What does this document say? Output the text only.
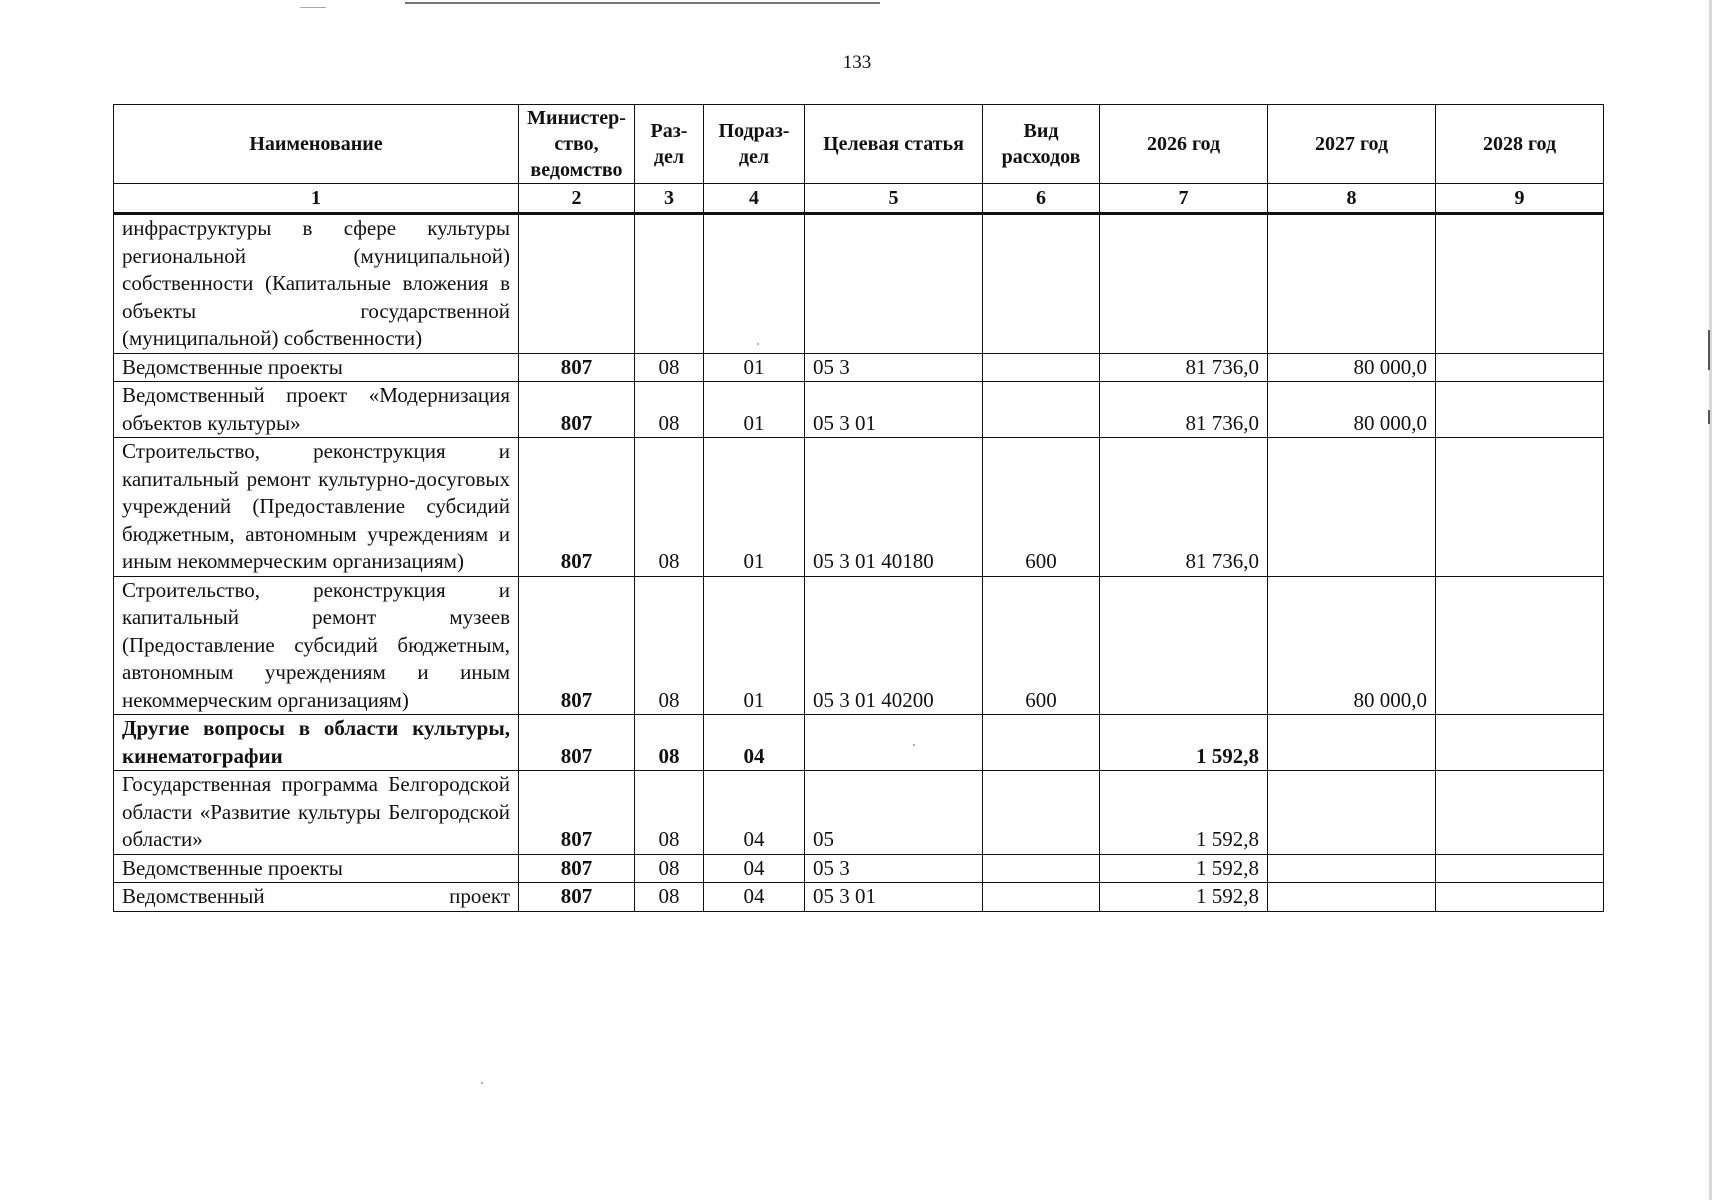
133
Наименование	Министер-ство, ведомство	Раз-дел	Подраз-дел	Целевая статья	Вид расходов	2026 год	2027 год	2028 год
1	2	3	4	5	6	7	8	9
инфраструктуры в сфере культуры региональной (муниципальной) собственности (Капитальные вложения в объекты государственной (муниципальной) собственности)								
Ведомственные проекты	807	08	01	05 3		81 736,0	80 000,0	
Ведомственный проект «Модернизация объектов культуры»	807	08	01	05 3 01		81 736,0	80 000,0	
Строительство, реконструкция и капитальный ремонт культурно-досуговых учреждений (Предоставление субсидий бюджетным, автономным учреждениям и иным некоммерческим организациям)	807	08	01	05 3 01 40180	600	81 736,0		
Строительство, реконструкция и капитальный ремонт музеев (Предоставление субсидий бюджетным, автономным учреждениям и иным некоммерческим организациям)	807	08	01	05 3 01 40200	600		80 000,0	
Другие вопросы в области культуры, кинематографии	807	08	04			1 592,8		
Государственная программа Белгородской области «Развитие культуры Белгородской области»	807	08	04	05		1 592,8		
Ведомственные проекты	807	08	04	05 3		1 592,8		
Ведомственный проект	807	08	04	05 3 01		1 592,8		
